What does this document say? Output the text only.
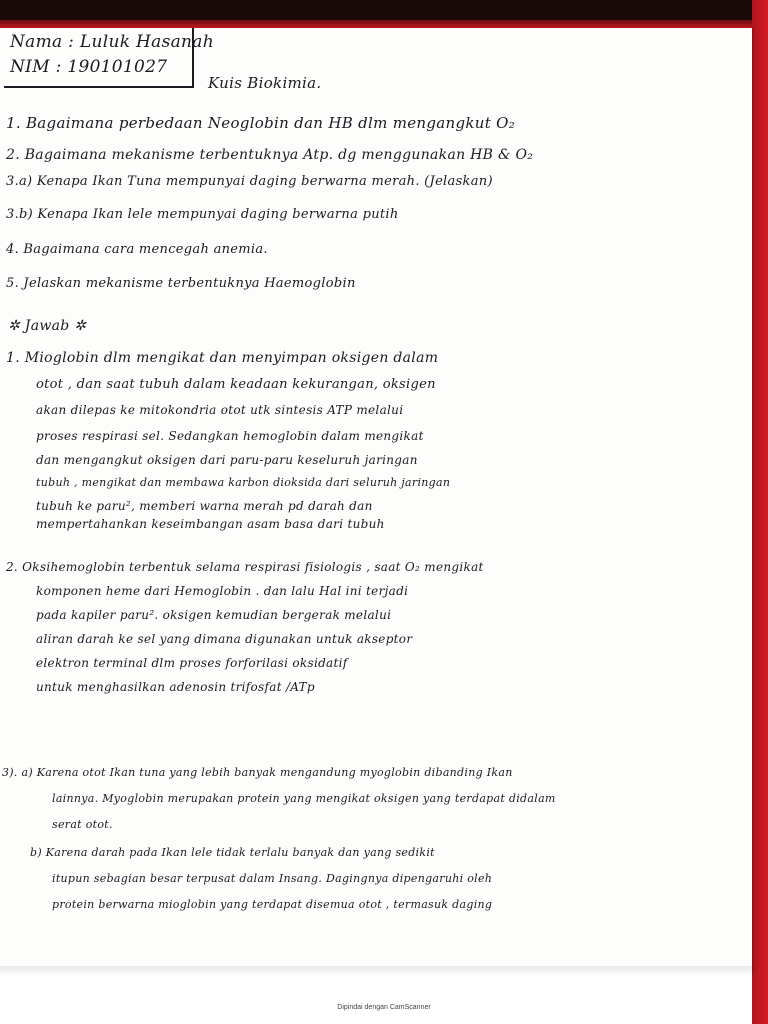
Nama : Luluk Hasanah
NIM : 190101027
Kuis Biokimia.
1. Bagaimana perbedaan Neoglobin dan HB dlm mengangkut O₂
2. Bagaimana mekanisme terbentuknya Atp. dg menggunakan HB & O₂
3.a) Kenapa Ikan Tuna mempunyai daging berwarna merah. (Jelaskan)
3.b) Kenapa Ikan lele mempunyai daging berwarna putih
4. Bagaimana cara mencegah anemia.
5. Jelaskan mekanisme terbentuknya Haemoglobin
✲ Jawab ✲
1. Mioglobin dlm mengikat dan menyimpan oksigen dalam
otot , dan saat tubuh dalam keadaan kekurangan, oksigen
akan dilepas ke mitokondria otot utk sintesis ATP melalui
proses respirasi sel. Sedangkan hemoglobin dalam mengikat
dan mengangkut oksigen dari paru-paru keseluruh jaringan
tubuh , mengikat dan membawa karbon dioksida dari seluruh jaringan
tubuh ke paru², memberi warna merah pd darah dan
mempertahankan keseimbangan asam basa dari tubuh
2. Oksihemoglobin terbentuk selama respirasi fisiologis , saat O₂ mengikat
komponen heme dari Hemoglobin . dan lalu Hal ini terjadi
pada kapiler paru². oksigen kemudian bergerak melalui
aliran darah ke sel yang dimana digunakan untuk akseptor
elektron terminal dlm proses forforilasi oksidatif
untuk menghasilkan adenosin trifosfat /ATp
3). a) Karena otot Ikan tuna yang lebih banyak mengandung myoglobin dibanding Ikan
lainnya. Myoglobin merupakan protein yang mengikat oksigen yang terdapat didalam
serat otot.
b) Karena darah pada Ikan lele tidak terlalu banyak dan yang sedikit
itupun sebagian besar terpusat dalam Insang. Dagingnya dipengaruhi oleh
protein berwarna mioglobin yang terdapat disemua otot , termasuk daging
Dipindai dengan CamScanner
